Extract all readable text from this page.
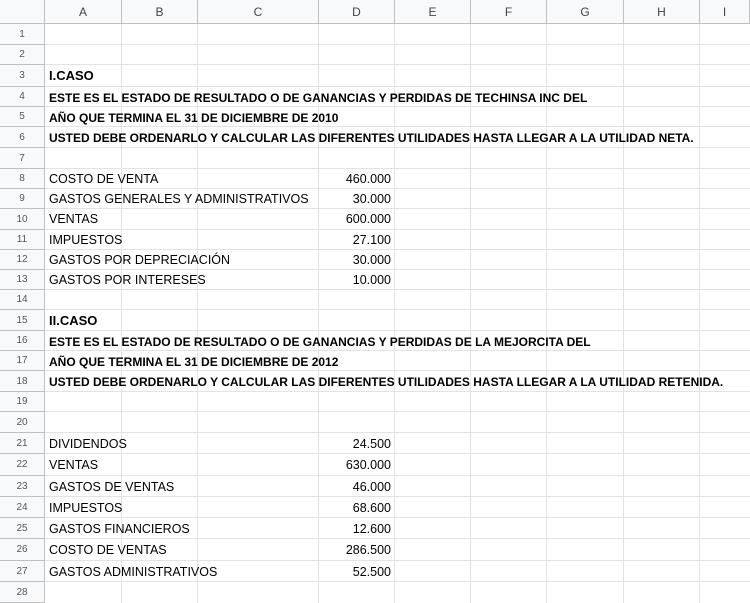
A	B	C	D	E	F	G	H	I
I.CASO
ESTE ES EL ESTADO DE RESULTADO O DE GANANCIAS Y PERDIDAS DE TECHINSA INC DEL
AÑO QUE TERMINA EL 31 DE DICIEMBRE DE 2010
USTED DEBE ORDENARLO Y CALCULAR LAS DIFERENTES UTILIDADES HASTA LLEGAR A LA UTILIDAD NETA.
COSTO DE VENTA	460.000
GASTOS GENERALES Y ADMINISTRATIVOS	30.000
VENTAS	600.000
IMPUESTOS	27.100
GASTOS POR DEPRECIACIÓN	30.000
GASTOS POR INTERESES	10.000
II.CASO
ESTE ES EL ESTADO DE RESULTADO O DE GANANCIAS Y PERDIDAS DE LA MEJORCITA DEL
AÑO QUE TERMINA EL 31 DE DICIEMBRE DE 2012
USTED DEBE ORDENARLO Y CALCULAR LAS DIFERENTES UTILIDADES HASTA LLEGAR A LA UTILIDAD RETENIDA.
DIVIDENDOS	24.500
VENTAS	630.000
GASTOS DE VENTAS	46.000
IMPUESTOS	68.600
GASTOS FINANCIEROS	12.600
COSTO DE VENTAS	286.500
GASTOS ADMINISTRATIVOS	52.500
1
2
3
4
5
6
7
8
9
10
11
12
13
14
15
16
17
18
19
20
21
22
23
24
25
26
27
28
